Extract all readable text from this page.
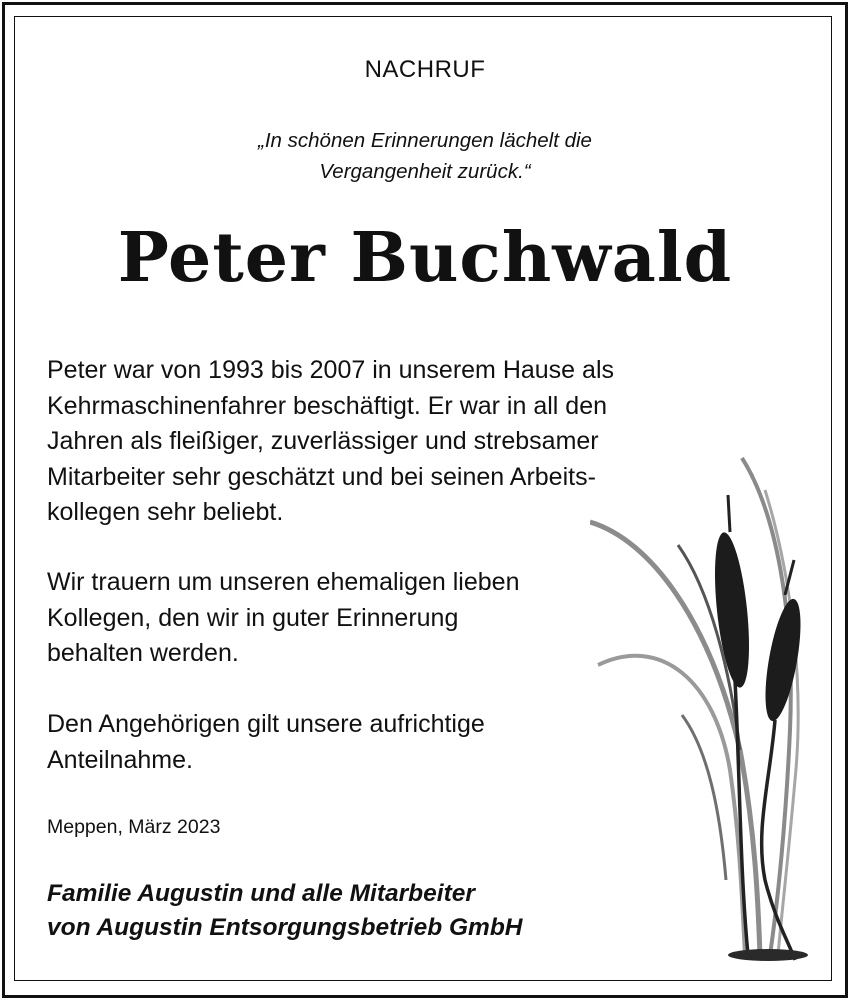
NACHRUF
„In schönen Erinnerungen lächelt die
Vergangenheit zurück.“
Peter Buchwald

Peter war von 1993 bis 2007 in unserem Hause als
Kehrmaschinenfahrer beschäftigt. Er war in all den
Jahren als fleißiger, zuverlässiger und strebsamer
Mitarbeiter sehr geschätzt und bei seinen Arbeits-
kollegen sehr beliebt.

Wir trauern um unseren ehemaligen lieben
Kollegen, den wir in guter Erinnerung
behalten werden.

Den Angehörigen gilt unsere aufrichtige
Anteilnahme.

Meppen, März 2023
Familie Augustin und alle Mitarbeiter
von Augustin Entsorgungsbetrieb GmbH
